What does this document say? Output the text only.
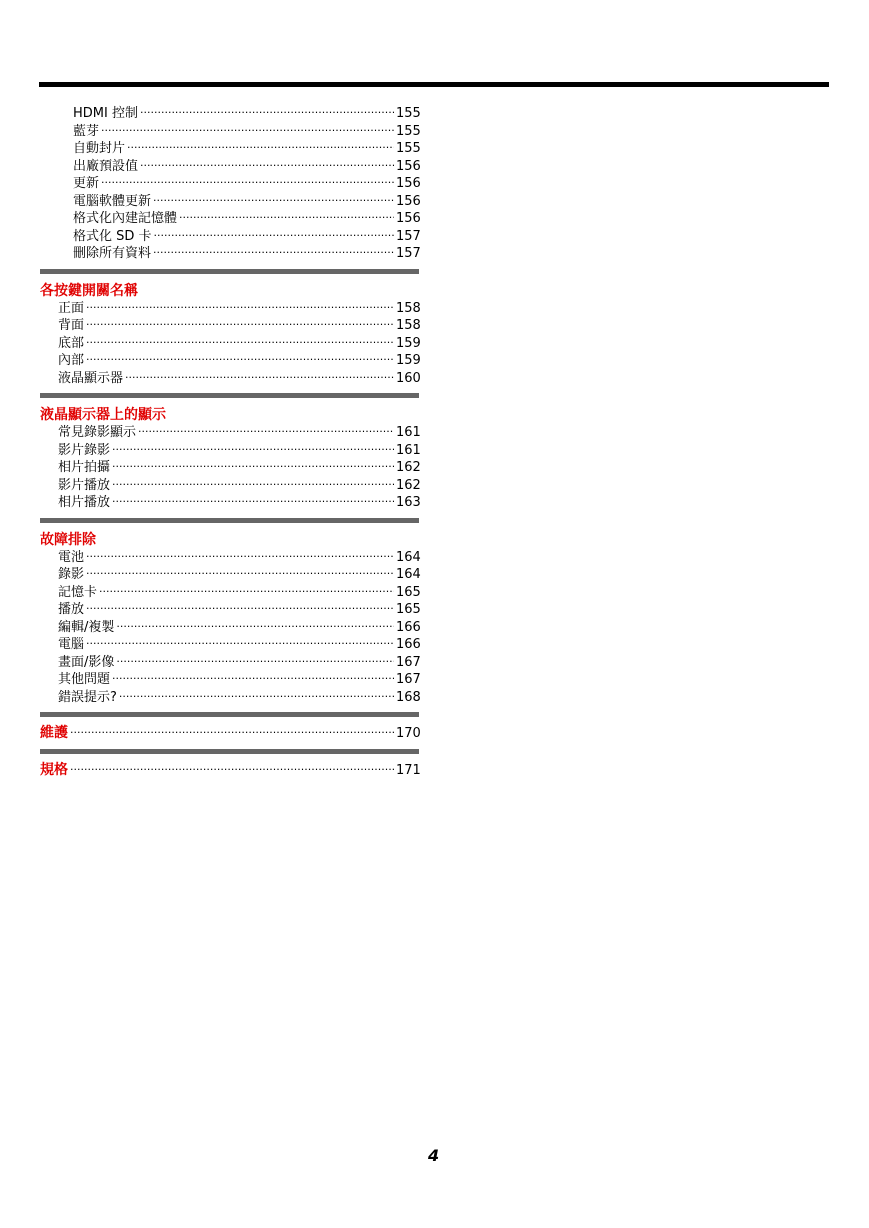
HDMI 控制 ·····	155
藍芽 ·····	155
自動封片 ·····	155
出廠預設值 ·····	156
更新 ·····	156
電腦軟體更新 ·····	156
格式化內建記憶體 ·····	156
格式化 SD 卡 ·····	157
刪除所有資料 ·····	157
各按鍵開關名稱
正面 ·····	158
背面 ·····	158
底部 ·····	159
內部 ·····	159
液晶顯示器 ·····	160
液晶顯示器上的顯示
常見錄影顯示 ·····	161
影片錄影 ·····	161
相片拍攝 ·····	162
影片播放 ·····	162
相片播放 ·····	163
故障排除
電池 ·····	164
錄影 ·····	164
記憶卡 ·····	165
播放 ·····	165
編輯/複製 ·····	166
電腦 ·····	166
畫面/影像 ·····	167
其他問題 ·····	167
錯誤提示? ·····	168
維護 ·····	170
規格 ·····	171
4
